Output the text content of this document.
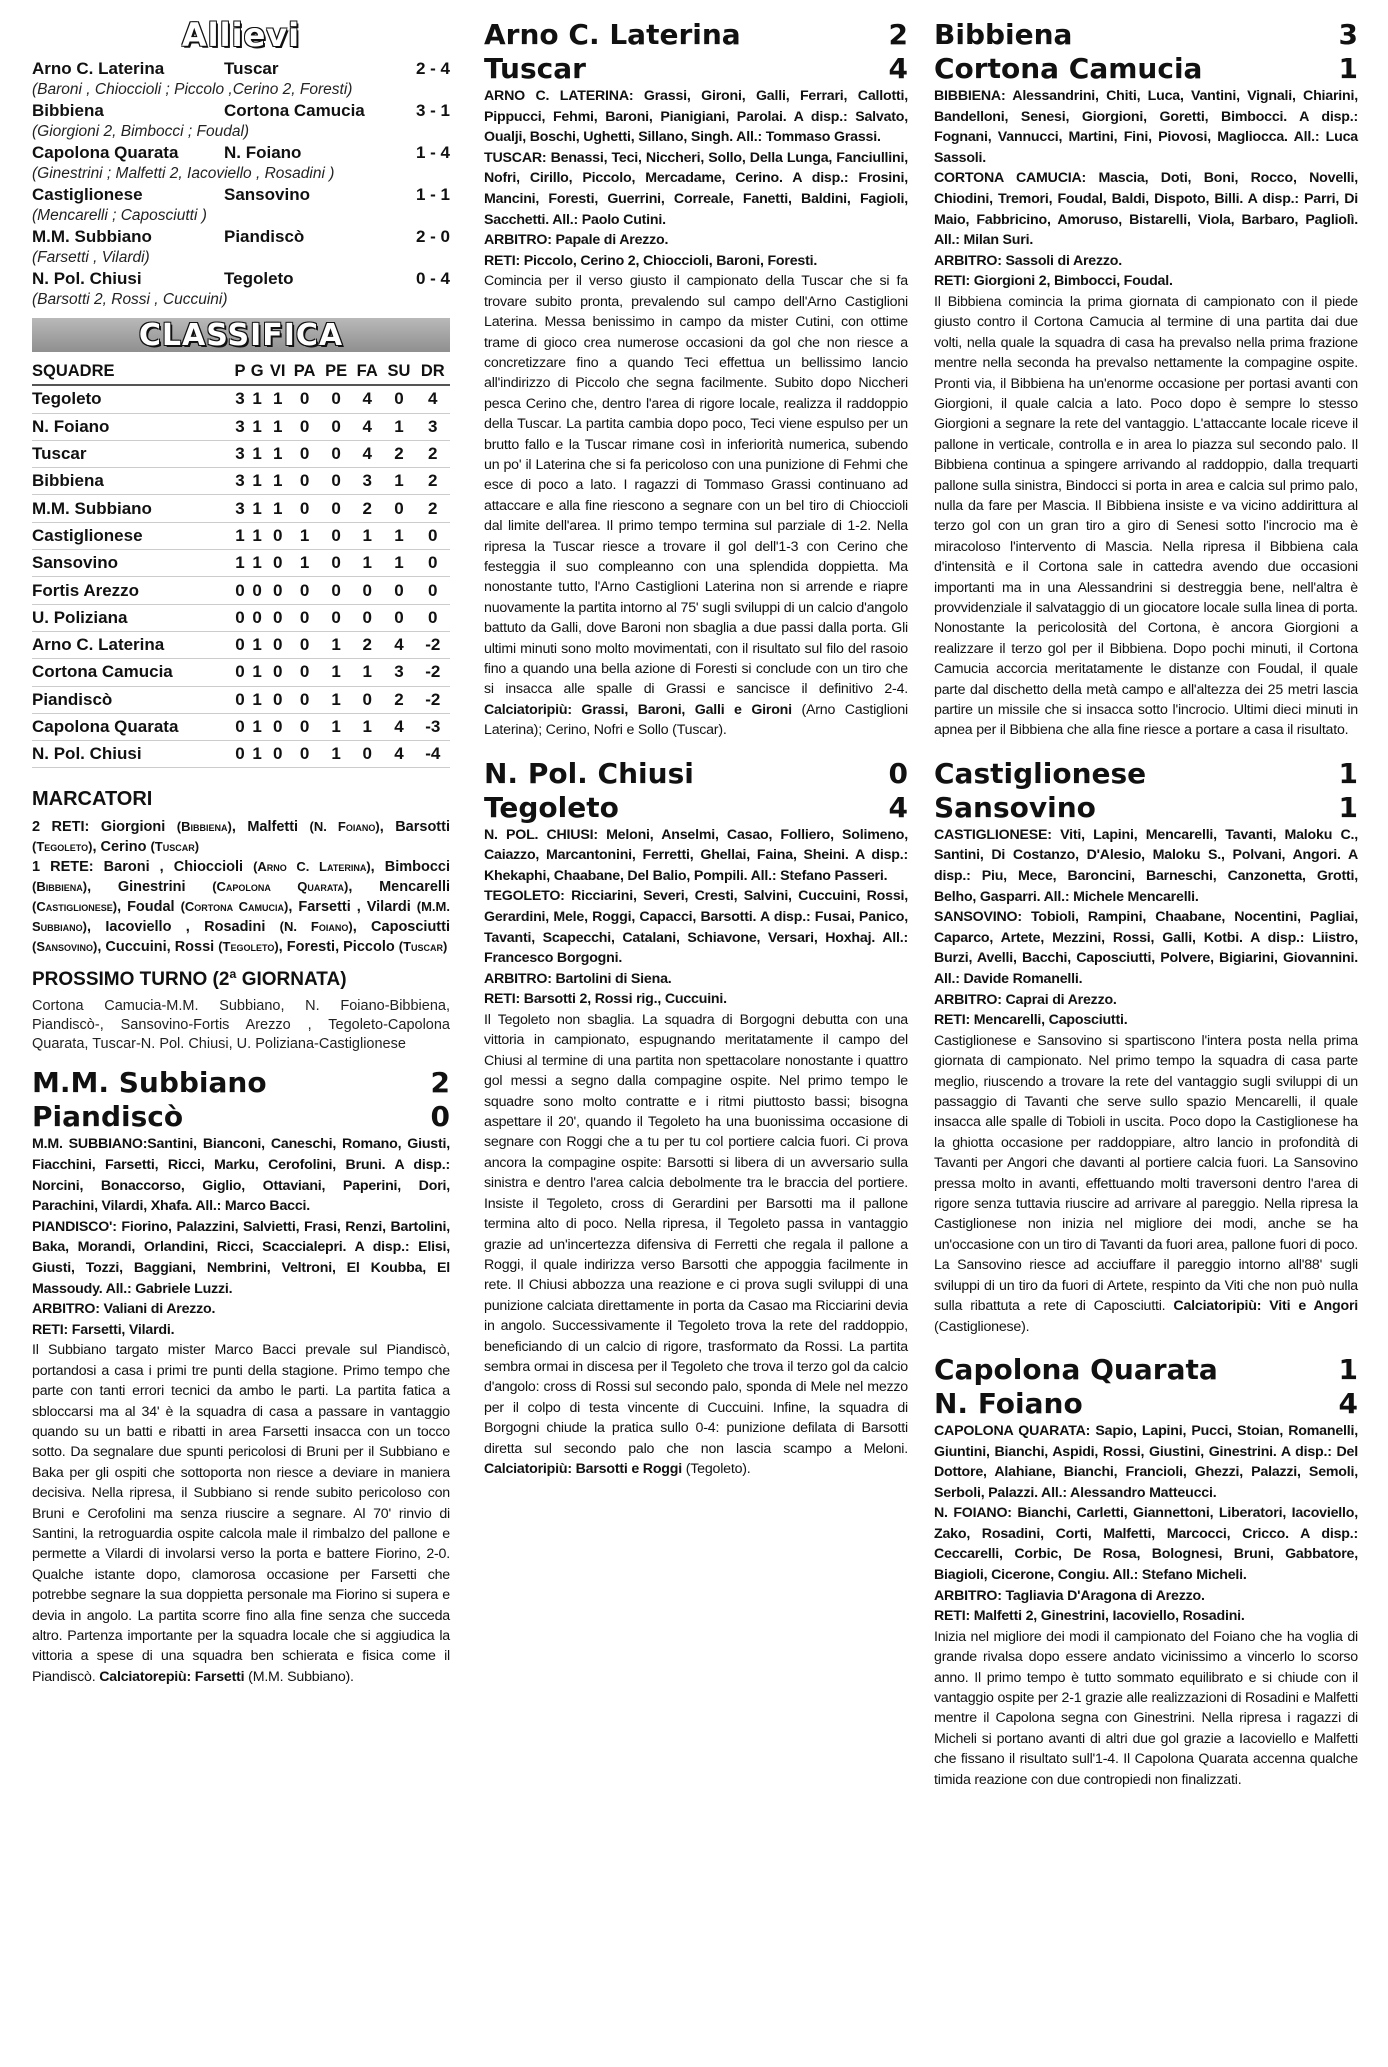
Allievi
Arno C. Laterina	Tuscar	2 - 4
(Baroni , Chioccioli ; Piccolo ,Cerino 2, Foresti)
Bibbiena	Cortona Camucia	3 - 1
(Giorgioni 2, Bimbocci ; Foudal)
Capolona Quarata	N. Foiano	1 - 4
(Ginestrini ; Malfetti 2, Iacoviello , Rosadini )
Castiglionese	Sansovino	1 - 1
(Mencarelli ; Caposciutti )
M.M. Subbiano	Piandiscò	2 - 0
(Farsetti , Vilardi)
N. Pol. Chiusi	Tegoleto	0 - 4
(Barsotti 2, Rossi , Cuccuini)
CLASSIFICA
SQUADRE	P	G	VI	PA	PE	FA	SU	DR
Tegoleto	3	1	1	0	0	4	0	4
N. Foiano	3	1	1	0	0	4	1	3
Tuscar	3	1	1	0	0	4	2	2
Bibbiena	3	1	1	0	0	3	1	2
M.M. Subbiano	3	1	1	0	0	2	0	2
Castiglionese	1	1	0	1	0	1	1	0
Sansovino	1	1	0	1	0	1	1	0
Fortis Arezzo	0	0	0	0	0	0	0	0
U. Poliziana	0	0	0	0	0	0	0	0
Arno C. Laterina	0	1	0	0	1	2	4	-2
Cortona Camucia	0	1	0	0	1	1	3	-2
Piandiscò	0	1	0	0	1	0	2	-2
Capolona Quarata	0	1	0	0	1	1	4	-3
N. Pol. Chiusi	0	1	0	0	1	0	4	-4
MARCATORI
2 RETI: Giorgioni (Bibbiena), Malfetti (N. Foiano), Barsotti (Tegoleto), Cerino (Tuscar)
1 RETE: Baroni , Chioccioli (Arno C. Laterina), Bimbocci (Bibbiena), Ginestrini (Capolona Quarata), Mencarelli (Castiglionese), Foudal (Cortona Camucia), Farsetti , Vilardi (M.M. Subbiano), Iacoviello , Rosadini (N. Foiano), Caposciutti (Sansovino), Cuccuini, Rossi (Tegoleto), Foresti, Piccolo (Tuscar)
PROSSIMO TURNO (2ª GIORNATA)
Cortona Camucia-M.M. Subbiano, N. Foiano-Bibbiena, Piandiscò-, Sansovino-Fortis Arezzo , Tegoleto-Capolona Quarata, Tuscar-N. Pol. Chiusi, U. Poliziana-Castiglionese
M.M. Subbiano	2
Piandiscò	0
M.M. SUBBIANO:Santini, Bianconi, Caneschi, Romano, Giusti, Fiacchini, Farsetti, Ricci, Marku, Cerofolini, Bruni. A disp.: Norcini, Bonaccorso, Giglio, Ottaviani, Paperini, Dori, Parachini, Vilardi, Xhafa. All.: Marco Bacci.
PIANDISCO': Fiorino, Palazzini, Salvietti, Frasi, Renzi, Bartolini, Baka, Morandi, Orlandini, Ricci, Scaccialepri. A disp.: Elisi, Giusti, Tozzi, Baggiani, Nembrini, Veltroni, El Koubba, El Massoudy. All.: Gabriele Luzzi.
ARBITRO: Valiani di Arezzo.
RETI: Farsetti, Vilardi.
Il Subbiano targato mister Marco Bacci prevale sul Piandiscò, portandosi a casa i primi tre punti della stagione. Primo tempo che parte con tanti errori tecnici da ambo le parti. La partita fatica a sbloccarsi ma al 34' è la squadra di casa a passare in vantaggio quando su un batti e ribatti in area Farsetti insacca con un tocco sotto. Da segnalare due spunti pericolosi di Bruni per il Subbiano e Baka per gli ospiti che sottoporta non riesce a deviare in maniera decisiva. Nella ripresa, il Subbiano si rende subito pericoloso con Bruni e Cerofolini ma senza riuscire a segnare. Al 70' rinvio di Santini, la retroguardia ospite calcola male il rimbalzo del pallone e permette a Vilardi di involarsi verso la porta e battere Fiorino, 2-0. Qualche istante dopo, clamorosa occasione per Farsetti che potrebbe segnare la sua doppietta personale ma Fiorino si supera e devia in angolo. La partita scorre fino alla fine senza che succeda altro. Partenza importante per la squadra locale che si aggiudica la vittoria a spese di una squadra ben schierata e fisica come il Piandiscò. Calciatorepiù: Farsetti (M.M. Subbiano).
Arno C. Laterina	2
Tuscar	4
ARNO C. LATERINA: Grassi, Gironi, Galli, Ferrari, Callotti, Pippucci, Fehmi, Baroni, Pianigiani, Parolai. A disp.: Salvato, Oualji, Boschi, Ughetti, Sillano, Singh. All.: Tommaso Grassi.
TUSCAR: Benassi, Teci, Niccheri, Sollo, Della Lunga, Fanciullini, Nofri, Cirillo, Piccolo, Mercadame, Cerino. A disp.: Frosini, Mancini, Foresti, Guerrini, Correale, Fanetti, Baldini, Fagioli, Sacchetti. All.: Paolo Cutini.
ARBITRO: Papale di Arezzo.
RETI: Piccolo, Cerino 2, Chioccioli, Baroni, Foresti.
Comincia per il verso giusto il campionato della Tuscar che si fa trovare subito pronta, prevalendo sul campo dell'Arno Castiglioni Laterina. Messa benissimo in campo da mister Cutini, con ottime trame di gioco crea numerose occasioni da gol che non riesce a concretizzare fino a quando Teci effettua un bellissimo lancio all'indirizzo di Piccolo che segna facilmente. Subito dopo Niccheri pesca Cerino che, dentro l'area di rigore locale, realizza il raddoppio della Tuscar. La partita cambia dopo poco, Teci viene espulso per un brutto fallo e la Tuscar rimane così in inferiorità numerica, subendo un po' il Laterina che si fa pericoloso con una punizione di Fehmi che esce di poco a lato. I ragazzi di Tommaso Grassi continuano ad attaccare e alla fine riescono a segnare con un bel tiro di Chioccioli dal limite dell'area. Il primo tempo termina sul parziale di 1-2. Nella ripresa la Tuscar riesce a trovare il gol dell'1-3 con Cerino che festeggia il suo compleanno con una splendida doppietta. Ma nonostante tutto, l'Arno Castiglioni Laterina non si arrende e riapre nuovamente la partita intorno al 75' sugli sviluppi di un calcio d'angolo battuto da Galli, dove Baroni non sbaglia a due passi dalla porta. Gli ultimi minuti sono molto movimentati, con il risultato sul filo del rasoio fino a quando una bella azione di Foresti si conclude con un tiro che si insacca alle spalle di Grassi e sancisce il definitivo 2-4. Calciatoripiù: Grassi, Baroni, Galli e Gironi (Arno Castiglioni Laterina); Cerino, Nofri e Sollo (Tuscar).
N. Pol. Chiusi	0
Tegoleto	4
N. POL. CHIUSI: Meloni, Anselmi, Casao, Folliero, Solimeno, Caiazzo, Marcantonini, Ferretti, Ghellai, Faina, Sheini. A disp.: Khekaphi, Chaabane, Del Balio, Pompili. All.: Stefano Passeri.
TEGOLETO: Ricciarini, Severi, Cresti, Salvini, Cuccuini, Rossi, Gerardini, Mele, Roggi, Capacci, Barsotti. A disp.: Fusai, Panico, Tavanti, Scapecchi, Catalani, Schiavone, Versari, Hoxhaj. All.: Francesco Borgogni.
ARBITRO: Bartolini di Siena.
RETI: Barsotti 2, Rossi rig., Cuccuini.
Il Tegoleto non sbaglia. La squadra di Borgogni debutta con una vittoria in campionato, espugnando meritatamente il campo del Chiusi al termine di una partita non spettacolare nonostante i quattro gol messi a segno dalla compagine ospite. Nel primo tempo le squadre sono molto contratte e i ritmi piuttosto bassi; bisogna aspettare il 20', quando il Tegoleto ha una buonissima occasione di segnare con Roggi che a tu per tu col portiere calcia fuori. Ci prova ancora la compagine ospite: Barsotti si libera di un avversario sulla sinistra e dentro l'area calcia debolmente tra le braccia del portiere. Insiste il Tegoleto, cross di Gerardini per Barsotti ma il pallone termina alto di poco. Nella ripresa, il Tegoleto passa in vantaggio grazie ad un'incertezza difensiva di Ferretti che regala il pallone a Roggi, il quale indirizza verso Barsotti che appoggia facilmente in rete. Il Chiusi abbozza una reazione e ci prova sugli sviluppi di una punizione calciata direttamente in porta da Casao ma Ricciarini devia in angolo. Successivamente il Tegoleto trova la rete del raddoppio, beneficiando di un calcio di rigore, trasformato da Rossi. La partita sembra ormai in discesa per il Tegoleto che trova il terzo gol da calcio d'angolo: cross di Rossi sul secondo palo, sponda di Mele nel mezzo per il colpo di testa vincente di Cuccuini. Infine, la squadra di Borgogni chiude la pratica sullo 0-4: punizione defilata di Barsotti diretta sul secondo palo che non lascia scampo a Meloni. Calciatoripiù: Barsotti e Roggi (Tegoleto).
Bibbiena	3
Cortona Camucia	1
BIBBIENA: Alessandrini, Chiti, Luca, Vantini, Vignali, Chiarini, Bandelloni, Senesi, Giorgioni, Goretti, Bimbocci. A disp.: Fognani, Vannucci, Martini, Fini, Piovosi, Magliocca. All.: Luca Sassoli.
CORTONA CAMUCIA: Mascia, Doti, Boni, Rocco, Novelli, Chiodini, Tremori, Foudal, Baldi, Dispoto, Billi. A disp.: Parri, Di Maio, Fabbricino, Amoruso, Bistarelli, Viola, Barbaro, Pagliolì. All.: Milan Suri.
ARBITRO: Sassoli di Arezzo.
RETI: Giorgioni 2, Bimbocci, Foudal.
Il Bibbiena comincia la prima giornata di campionato con il piede giusto contro il Cortona Camucia al termine di una partita dai due volti, nella quale la squadra di casa ha prevalso nella prima frazione mentre nella seconda ha prevalso nettamente la compagine ospite. Pronti via, il Bibbiena ha un'enorme occasione per portasi avanti con Giorgioni, il quale calcia a lato. Poco dopo è sempre lo stesso Giorgioni a segnare la rete del vantaggio. L'attaccante locale riceve il pallone in verticale, controlla e in area lo piazza sul secondo palo. Il Bibbiena continua a spingere arrivando al raddoppio, dalla trequarti pallone sulla sinistra, Bindocci si porta in area e calcia sul primo palo, nulla da fare per Mascia. Il Bibbiena insiste e va vicino addirittura al terzo gol con un gran tiro a giro di Senesi sotto l'incrocio ma è miracoloso l'intervento di Mascia. Nella ripresa il Bibbiena cala d'intensità e il Cortona sale in cattedra avendo due occasioni importanti ma in una Alessandrini si destreggia bene, nell'altra è provvidenziale il salvataggio di un giocatore locale sulla linea di porta. Nonostante la pericolosità del Cortona, è ancora Giorgioni a realizzare il terzo gol per il Bibbiena. Dopo pochi minuti, il Cortona Camucia accorcia meritatamente le distanze con Foudal, il quale parte dal dischetto della metà campo e all'altezza dei 25 metri lascia partire un missile che si insacca sotto l'incrocio. Ultimi dieci minuti in apnea per il Bibbiena che alla fine riesce a portare a casa il risultato.
Castiglionese	1
Sansovino	1
CASTIGLIONESE: Viti, Lapini, Mencarelli, Tavanti, Maloku C., Santini, Di Costanzo, D'Alesio, Maloku S., Polvani, Angori. A disp.: Piu, Mece, Baroncini, Barneschi, Canzonetta, Grotti, Belho, Gasparri. All.: Michele Mencarelli.
SANSOVINO: Tobioli, Rampini, Chaabane, Nocentini, Pagliai, Caparco, Artete, Mezzini, Rossi, Galli, Kotbi. A disp.: Liistro, Burzi, Avelli, Bacchi, Caposciutti, Polvere, Bigiarini, Giovannini. All.: Davide Romanelli.
ARBITRO: Caprai di Arezzo.
RETI: Mencarelli, Caposciutti.
Castiglionese e Sansovino si spartiscono l'intera posta nella prima giornata di campionato. Nel primo tempo la squadra di casa parte meglio, riuscendo a trovare la rete del vantaggio sugli sviluppi di un passaggio di Tavanti che serve sullo spazio Mencarelli, il quale insacca alle spalle di Tobioli in uscita. Poco dopo la Castiglionese ha la ghiotta occasione per raddoppiare, altro lancio in profondità di Tavanti per Angori che davanti al portiere calcia fuori. La Sansovino pressa molto in avanti, effettuando molti traversoni dentro l'area di rigore senza tuttavia riuscire ad arrivare al pareggio. Nella ripresa la Castiglionese non inizia nel migliore dei modi, anche se ha un'occasione con un tiro di Tavanti da fuori area, pallone fuori di poco. La Sansovino riesce ad acciuffare il pareggio intorno all'88' sugli sviluppi di un tiro da fuori di Artete, respinto da Viti che non può nulla sulla ribattuta a rete di Caposciutti. Calciatoripiù: Viti e Angori (Castiglionese).
Capolona Quarata	1
N. Foiano	4
CAPOLONA QUARATA: Sapio, Lapini, Pucci, Stoian, Romanelli, Giuntini, Bianchi, Aspidi, Rossi, Giustini, Ginestrini. A disp.: Del Dottore, Alahiane, Bianchi, Francioli, Ghezzi, Palazzi, Semoli, Serboli, Palazzi. All.: Alessandro Matteucci.
N. FOIANO: Bianchi, Carletti, Giannettoni, Liberatori, Iacoviello, Zako, Rosadini, Corti, Malfetti, Marcocci, Cricco. A disp.: Ceccarelli, Corbic, De Rosa, Bolognesi, Bruni, Gabbatore, Biagioli, Cicerone, Congiu. All.: Stefano Micheli.
ARBITRO: Tagliavia D'Aragona di Arezzo.
RETI: Malfetti 2, Ginestrini, Iacoviello, Rosadini.
Inizia nel migliore dei modi il campionato del Foiano che ha voglia di grande rivalsa dopo essere andato vicinissimo a vincerlo lo scorso anno. Il primo tempo è tutto sommato equilibrato e si chiude con il vantaggio ospite per 2-1 grazie alle realizzazioni di Rosadini e Malfetti mentre il Capolona segna con Ginestrini. Nella ripresa i ragazzi di Micheli si portano avanti di altri due gol grazie a Iacoviello e Malfetti che fissano il risultato sull'1-4. Il Capolona Quarata accenna qualche timida reazione con due contropiedi non finalizzati.
